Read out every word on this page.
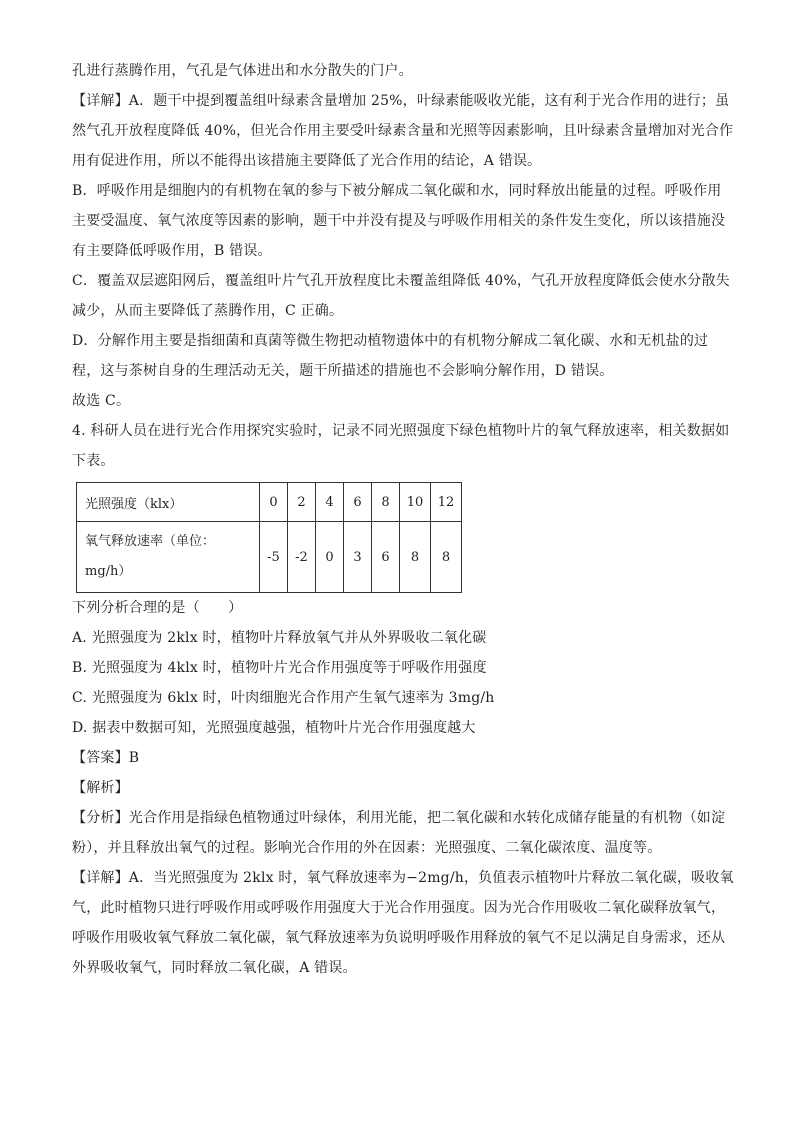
孔进行蒸腾作用，气孔是气体进出和水分散失的门户。

【详解】A．题干中提到覆盖组叶绿素含量增加 25%，叶绿素能吸收光能，这有利于光合作用的进行；虽

然气孔开放程度降低 40%，但光合作用主要受叶绿素含量和光照等因素影响，且叶绿素含量增加对光合作

用有促进作用，所以不能得出该措施主要降低了光合作用的结论，A 错误。

B．呼吸作用是细胞内的有机物在氧的参与下被分解成二氧化碳和水，同时释放出能量的过程。呼吸作用

主要受温度、氧气浓度等因素的影响，题干中并没有提及与呼吸作用相关的条件发生变化，所以该措施没

有主要降低呼吸作用，B 错误。

C．覆盖双层遮阳网后，覆盖组叶片气孔开放程度比未覆盖组降低 40%，气孔开放程度降低会使水分散失

减少，从而主要降低了蒸腾作用，C 正确。

D．分解作用主要是指细菌和真菌等微生物把动植物遗体中的有机物分解成二氧化碳、水和无机盐的过

程，这与茶树自身的生理活动无关，题干所描述的措施也不会影响分解作用，D 错误。

故选 C。

4. 科研人员在进行光合作用探究实验时，记录不同光照强度下绿色植物叶片的氧气释放速率，相关数据如

下表。

光照强度（klx）	0	2	4	6	8	10	12
氧气释放速率（单位：
mg/h）	-5	-2	0	3	6	8	8

下列分析合理的是（　　）

A. 光照强度为 2klx 时，植物叶片释放氧气并从外界吸收二氧化碳

B. 光照强度为 4klx 时，植物叶片光合作用强度等于呼吸作用强度

C. 光照强度为 6klx 时，叶肉细胞光合作用产生氧气速率为 3mg/h

D. 据表中数据可知，光照强度越强，植物叶片光合作用强度越大

【答案】B

【解析】

【分析】光合作用是指绿色植物通过叶绿体，利用光能，把二氧化碳和水转化成储存能量的有机物（如淀

粉），并且释放出氧气的过程。影响光合作用的外在因素：光照强度、二氧化碳浓度、温度等。

【详解】A．当光照强度为 2klx 时，氧气释放速率为−2mg/h，负值表示植物叶片释放二氧化碳，吸收氧

气，此时植物只进行呼吸作用或呼吸作用强度大于光合作用强度。因为光合作用吸收二氧化碳释放氧气，

呼吸作用吸收氧气释放二氧化碳，氧气释放速率为负说明呼吸作用释放的氧气不足以满足自身需求，还从

外界吸收氧气，同时释放二氧化碳，A 错误。
